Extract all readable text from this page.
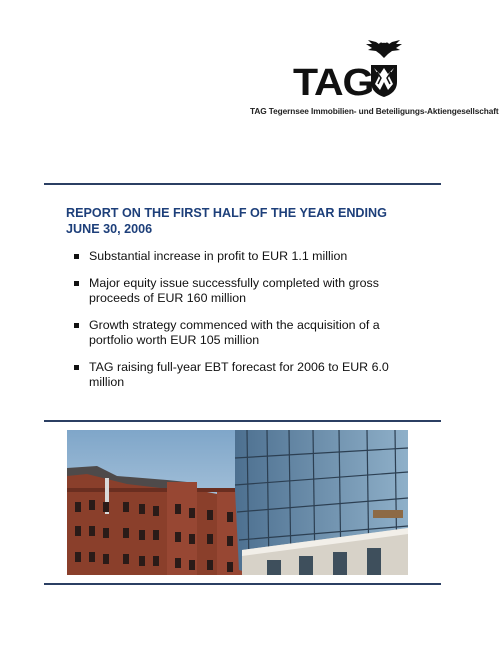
TAG
TAG Tegernsee Immobilien- und Beteiligungs-Aktiengesellschaft
REPORT ON THE FIRST HALF OF THE YEAR ENDING JUNE 30, 2006
Substantial increase in profit to EUR 1.1 million
Major equity issue successfully completed with gross proceeds of EUR 160 million
Growth strategy commenced with the acquisition of a portfolio worth EUR 105 million
TAG raising full-year EBT forecast for 2006 to EUR 6.0 million
